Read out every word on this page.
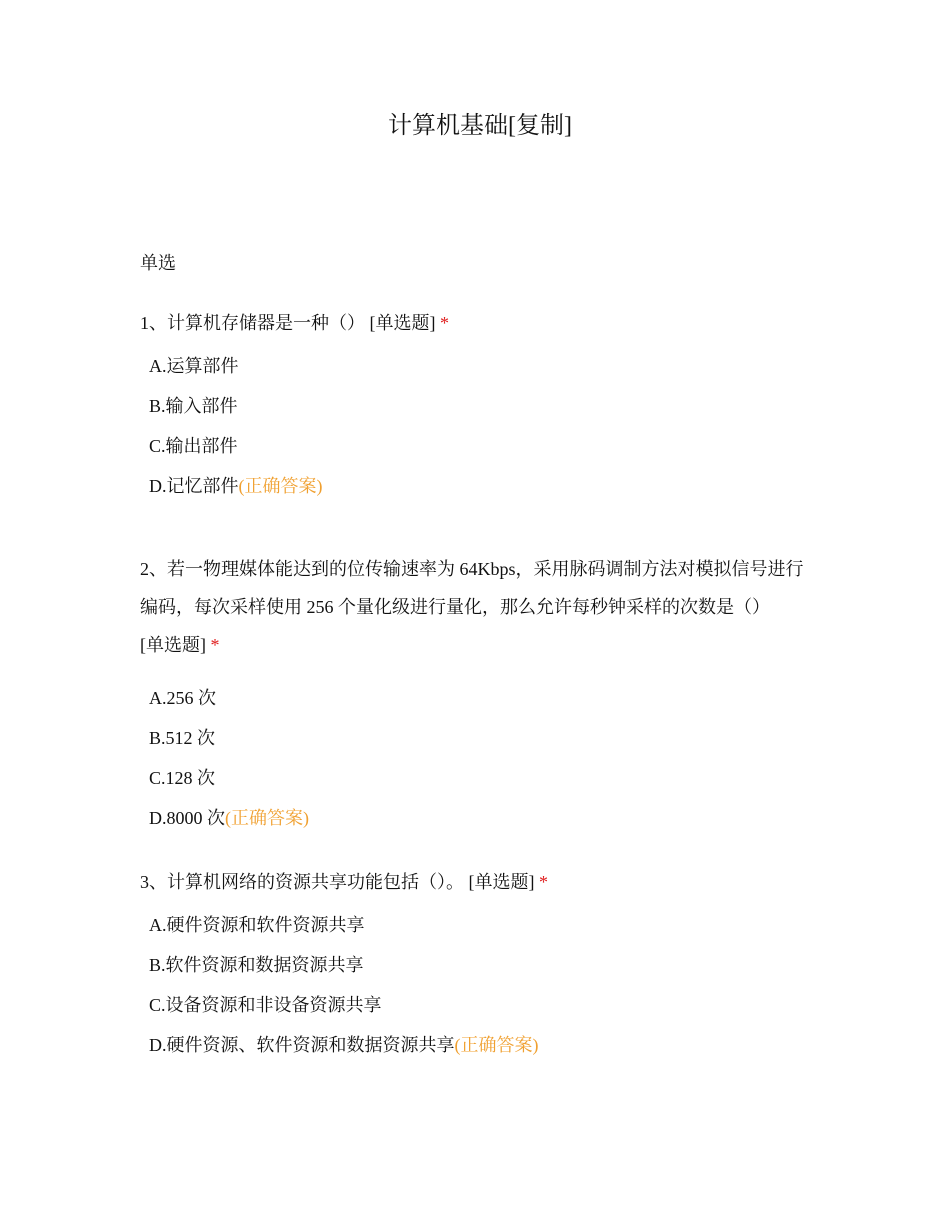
计算机基础[复制]
单选

1、计算机存储器是一种（） [单选题] *

A.运算部件
B.输入部件
C.输出部件
D.记忆部件(正确答案)

2、若一物理媒体能达到的位传输速率为 64Kbps，采用脉码调制方法对模拟信号进行编码，每次采样使用 256 个量化级进行量化，那么允许每秒钟采样的次数是（）
[单选题] *

A.256 次
B.512 次
C.128 次
D.8000 次(正确答案)

3、计算机网络的资源共享功能包括（）。 [单选题] *

A.硬件资源和软件资源共享
B.软件资源和数据资源共享
C.设备资源和非设备资源共享
D.硬件资源、软件资源和数据资源共享(正确答案)
